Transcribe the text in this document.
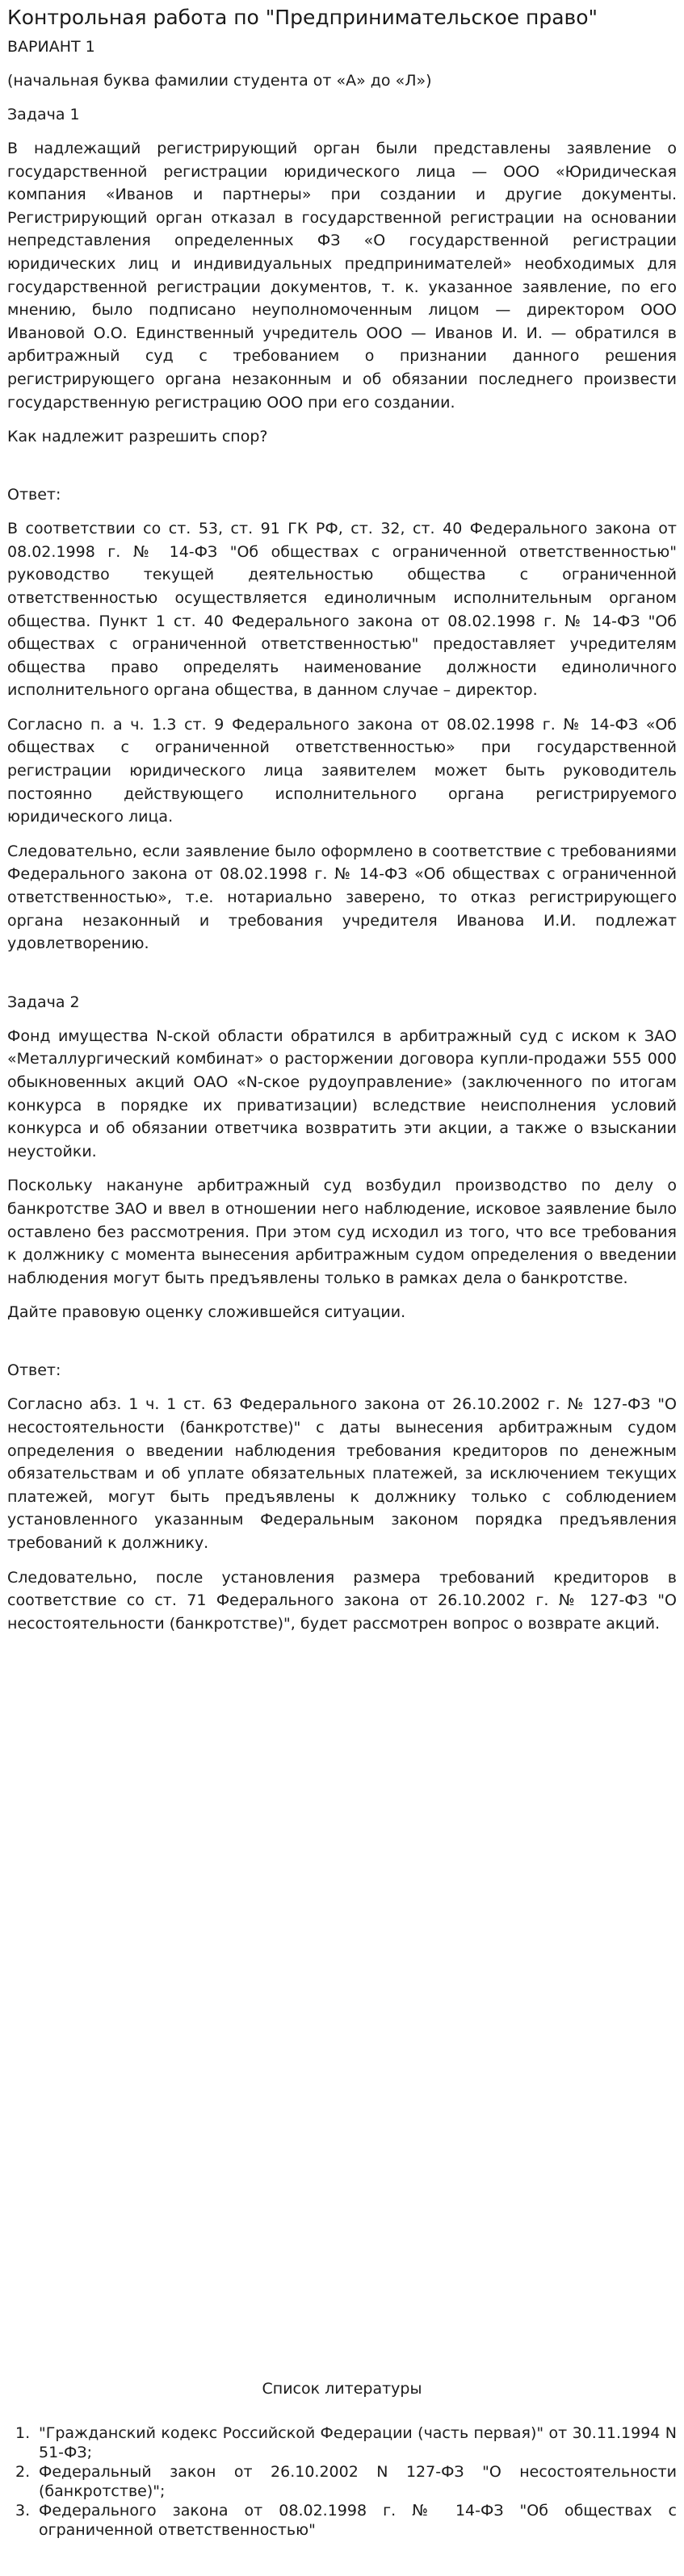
Контрольная работа по "Предпринимательское право"

ВАРИАНТ 1

(начальная буква фамилии студента от «А» до «Л»)

Задача 1

В надлежащий регистрирующий орган были представлены заявление о государственной регистрации юридического лица — ООО «Юридическая компания «Иванов и партнеры» при создании и другие документы. Регистрирующий орган отказал в государственной регистрации на основании непредставления определенных ФЗ «О государственной регистрации юридических лиц и индивидуальных предпринимателей» необходимых для государственной регистрации документов, т. к. указанное заявление, по его мнению, было подписано неуполномоченным лицом — директором ООО Ивановой О.О. Единственный учредитель ООО — Иванов И. И. — обратился в арбитражный суд с требованием о признании данного решения регистрирующего органа незаконным и об обязании последнего произвести государственную регистрацию ООО при его создании.

Как надлежит разрешить спор?

Ответ:

В соответствии со ст. 53, ст. 91 ГК РФ, ст. 32, ст. 40 Федерального закона от 08.02.1998 г. № 14-ФЗ "Об обществах с ограниченной ответственностью" руководство текущей деятельностью общества с ограниченной ответственностью осуществляется единоличным исполнительным органом общества. Пункт 1 ст. 40 Федерального закона от 08.02.1998 г. № 14-ФЗ "Об обществах с ограниченной ответственностью" предоставляет учредителям общества право определять наименование должности единоличного исполнительного органа общества, в данном случае – директор.

Согласно п. а ч. 1.3 ст. 9 Федерального закона от 08.02.1998 г. № 14-ФЗ «Об обществах с ограниченной ответственностью» при государственной регистрации юридического лица заявителем может быть руководитель постоянно действующего исполнительного органа регистрируемого юридического лица.

Следовательно, если заявление было оформлено в соответствие с требованиями Федерального закона от 08.02.1998 г. № 14-ФЗ «Об обществах с ограниченной ответственностью», т.е. нотариально заверено, то отказ регистрирующего органа незаконный и требования учредителя Иванова И.И. подлежат удовлетворению.

Задача 2

Фонд имущества N-ской области обратился в арбитражный суд с иском к ЗАО «Металлургический комбинат» о расторжении договора купли-продажи 555 000 обыкновенных акций ОАО «N-ское рудоуправление» (заключенного по итогам конкурса в порядке их приватизации) вследствие неисполнения условий конкурса и об обязании ответчика возвратить эти акции, а также о взыскании неустойки.

Поскольку накануне арбитражный суд возбудил производство по делу о банкротстве ЗАО и ввел в отношении него наблюдение, исковое заявление было оставлено без рассмотрения. При этом суд исходил из того, что все требования к должнику с момента вынесения арбитражным судом определения о введении наблюдения могут быть предъявлены только в рамках дела о банкротстве.

Дайте правовую оценку сложившейся ситуации.

Ответ:

Согласно абз. 1 ч. 1 ст. 63 Федерального закона от 26.10.2002 г. № 127-ФЗ "О несостоятельности (банкротстве)" с даты вынесения арбитражным судом определения о введении наблюдения требования кредиторов по денежным обязательствам и об уплате обязательных платежей, за исключением текущих платежей, могут быть предъявлены к должнику только с соблюдением установленного указанным Федеральным законом порядка предъявления требований к должнику.

Следовательно, после установления размера требований кредиторов в соответствие со ст. 71 Федерального закона от 26.10.2002 г. № 127-ФЗ "О несостоятельности (банкротстве)", будет рассмотрен вопрос о возврате акций.

Список литературы

1. "Гражданский кодекс Российской Федерации (часть первая)" от 30.11.1994 N 51-ФЗ;
2. Федеральный закон от 26.10.2002 N 127-ФЗ "О несостоятельности (банкротстве)";
3. Федерального закона от 08.02.1998 г. № 14-ФЗ "Об обществах с ограниченной ответственностью"
